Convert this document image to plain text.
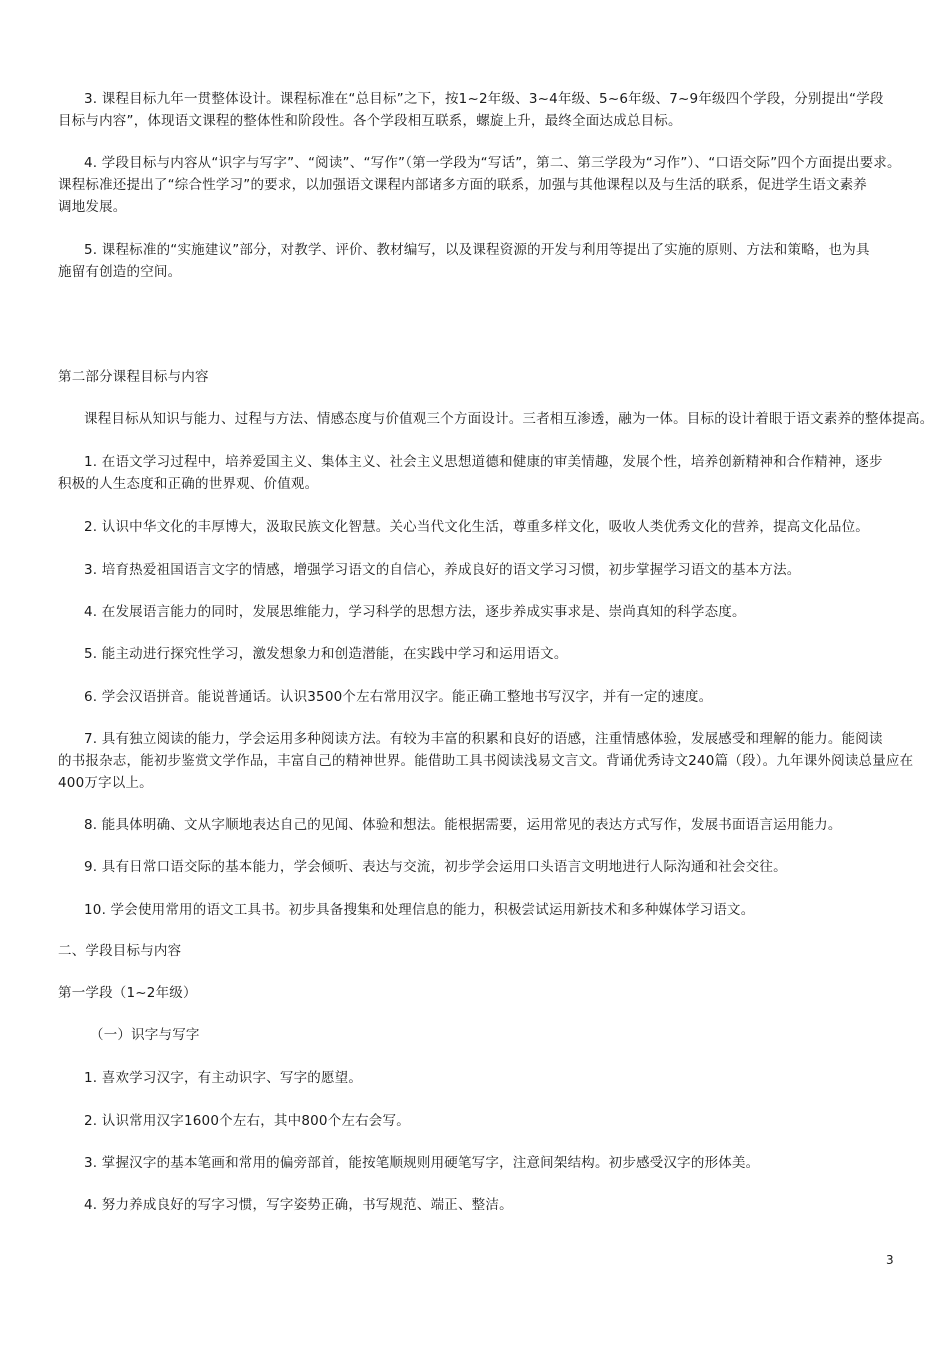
3. 课程目标九年一贯整体设计。课程标准在“总目标”之下，按1~2年级、3~4年级、5~6年级、7~9年级四个学段，分别提出“学段
目标与内容”，体现语文课程的整体性和阶段性。各个学段相互联系，螺旋上升，最终全面达成总目标。
4. 学段目标与内容从“识字与写字”、“阅读”、“写作”（第一学段为“写话”，第二、第三学段为“习作”）、“口语交际”四个方面提出要求。
课程标准还提出了“综合性学习”的要求，以加强语文课程内部诸多方面的联系，加强与其他课程以及与生活的联系，促进学生语文素养
调地发展。
5. 课程标准的“实施建议”部分，对教学、评价、教材编写，以及课程资源的开发与利用等提出了实施的原则、方法和策略，也为具
施留有创造的空间。
第二部分课程目标与内容
课程目标从知识与能力、过程与方法、情感态度与价值观三个方面设计。三者相互渗透，融为一体。目标的设计着眼于语文素养的整体提高。
1. 在语文学习过程中，培养爱国主义、集体主义、社会主义思想道德和健康的审美情趣，发展个性，培养创新精神和合作精神，逐步
积极的人生态度和正确的世界观、价值观。
2. 认识中华文化的丰厚博大，汲取民族文化智慧。关心当代文化生活，尊重多样文化，吸收人类优秀文化的营养，提高文化品位。
3. 培育热爱祖国语言文字的情感，增强学习语文的自信心，养成良好的语文学习习惯，初步掌握学习语文的基本方法。
4. 在发展语言能力的同时，发展思维能力，学习科学的思想方法，逐步养成实事求是、崇尚真知的科学态度。
5. 能主动进行探究性学习，激发想象力和创造潜能，在实践中学习和运用语文。
6. 学会汉语拼音。能说普通话。认识3500个左右常用汉字。能正确工整地书写汉字，并有一定的速度。
7. 具有独立阅读的能力，学会运用多种阅读方法。有较为丰富的积累和良好的语感，注重情感体验，发展感受和理解的能力。能阅读
的书报杂志，能初步鉴赏文学作品，丰富自己的精神世界。能借助工具书阅读浅易文言文。背诵优秀诗文240篇（段）。九年课外阅读总量应在
400万字以上。
8. 能具体明确、文从字顺地表达自己的见闻、体验和想法。能根据需要，运用常见的表达方式写作，发展书面语言运用能力。
9. 具有日常口语交际的基本能力，学会倾听、表达与交流，初步学会运用口头语言文明地进行人际沟通和社会交往。
10. 学会使用常用的语文工具书。初步具备搜集和处理信息的能力，积极尝试运用新技术和多种媒体学习语文。
二、学段目标与内容
第一学段（1~2年级）
（一）识字与写字
1. 喜欢学习汉字，有主动识字、写字的愿望。
2. 认识常用汉字1600个左右，其中800个左右会写。
3. 掌握汉字的基本笔画和常用的偏旁部首，能按笔顺规则用硬笔写字，注意间架结构。初步感受汉字的形体美。
4. 努力养成良好的写字习惯，写字姿势正确，书写规范、端正、整洁。
3
